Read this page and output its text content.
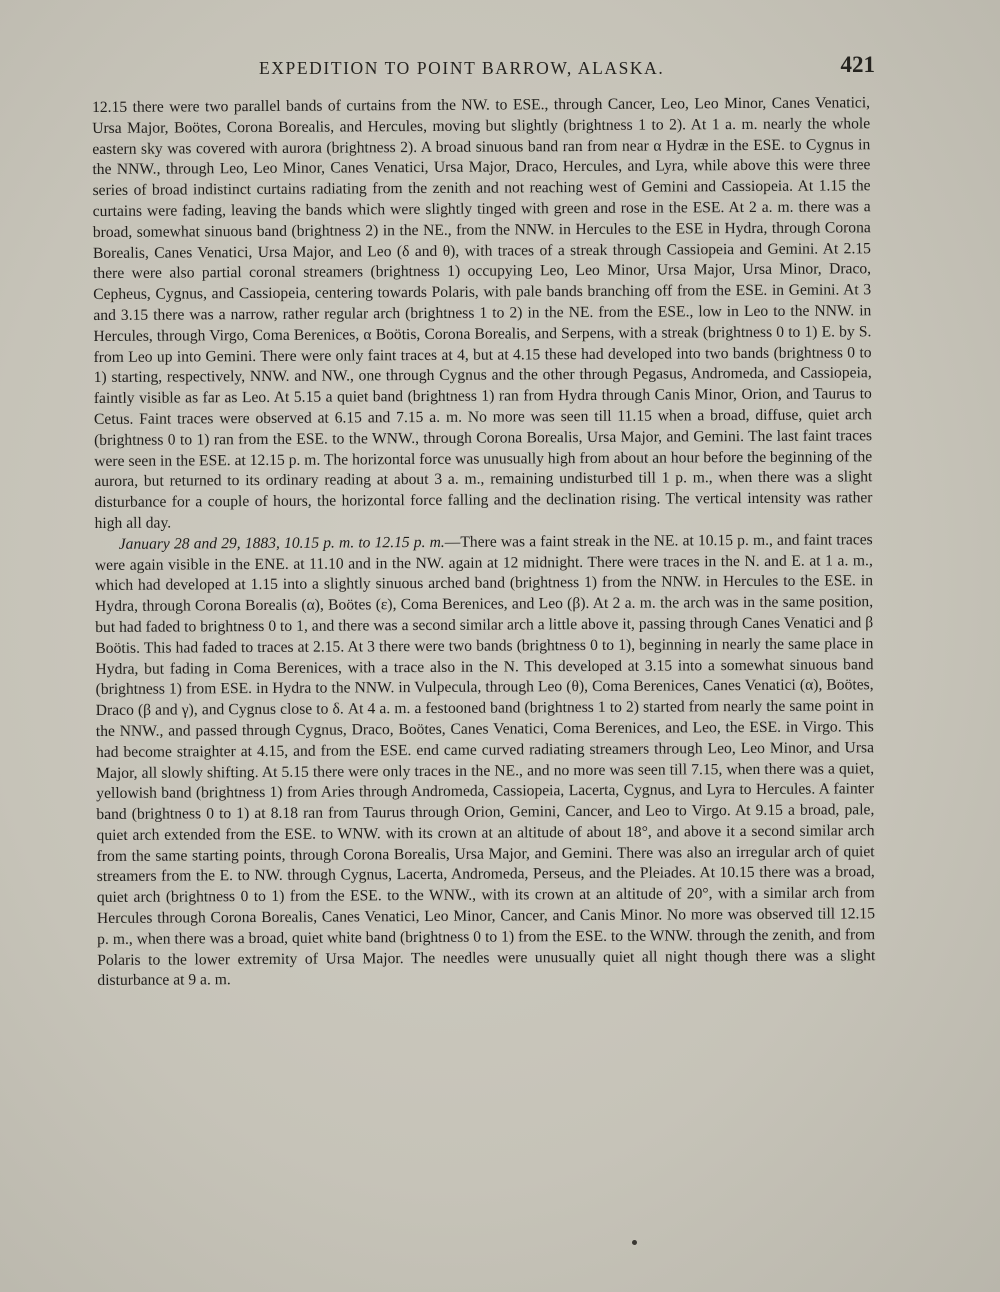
EXPEDITION TO POINT BARROW, ALASKA.	421

12.15 there were two parallel bands of curtains from the NW. to ESE., through Cancer, Leo, Leo Minor, Canes Venatici, Ursa Major, Boötes, Corona Borealis, and Hercules, moving but slightly (brightness 1 to 2). At 1 a. m. nearly the whole eastern sky was covered with aurora (brightness 2). A broad sinuous band ran from near α Hydræ in the ESE. to Cygnus in the NNW., through Leo, Leo Minor, Canes Venatici, Ursa Major, Draco, Hercules, and Lyra, while above this were three series of broad indistinct curtains radiating from the zenith and not reaching west of Gemini and Cassiopeia. At 1.15 the curtains were fading, leaving the bands which were slightly tinged with green and rose in the ESE. At 2 a. m. there was a broad, somewhat sinuous band (brightness 2) in the NE., from the NNW. in Hercules to the ESE in Hydra, through Corona Borealis, Canes Venatici, Ursa Major, and Leo (δ and θ), with traces of a streak through Cassiopeia and Gemini. At 2.15 there were also partial coronal streamers (brightness 1) occupying Leo, Leo Minor, Ursa Major, Ursa Minor, Draco, Cepheus, Cygnus, and Cassiopeia, centering towards Polaris, with pale bands branching off from the ESE. in Gemini. At 3 and 3.15 there was a narrow, rather regular arch (brightness 1 to 2) in the NE. from the ESE., low in Leo to the NNW. in Hercules, through Virgo, Coma Berenices, α Boötis, Corona Borealis, and Serpens, with a streak (brightness 0 to 1) E. by S. from Leo up into Gemini. There were only faint traces at 4, but at 4.15 these had developed into two bands (brightness 0 to 1) starting, respectively, NNW. and NW., one through Cygnus and the other through Pegasus, Andromeda, and Cassiopeia, faintly visible as far as Leo. At 5.15 a quiet band (brightness 1) ran from Hydra through Canis Minor, Orion, and Taurus to Cetus. Faint traces were observed at 6.15 and 7.15 a. m. No more was seen till 11.15 when a broad, diffuse, quiet arch (brightness 0 to 1) ran from the ESE. to the WNW., through Corona Borealis, Ursa Major, and Gemini. The last faint traces were seen in the ESE. at 12.15 p. m. The horizontal force was unusually high from about an hour before the beginning of the aurora, but returned to its ordinary reading at about 3 a. m., remaining undisturbed till 1 p. m., when there was a slight disturbance for a couple of hours, the horizontal force falling and the declination rising. The vertical intensity was rather high all day.

January 28 and 29, 1883, 10.15 p. m. to 12.15 p. m.—There was a faint streak in the NE. at 10.15 p. m., and faint traces were again visible in the ENE. at 11.10 and in the NW. again at 12 midnight. There were traces in the N. and E. at 1 a. m., which had developed at 1.15 into a slightly sinuous arched band (brightness 1) from the NNW. in Hercules to the ESE. in Hydra, through Corona Borealis (α), Boötes (ε), Coma Berenices, and Leo (β). At 2 a. m. the arch was in the same position, but had faded to brightness 0 to 1, and there was a second similar arch a little above it, passing through Canes Venatici and β Boötis. This had faded to traces at 2.15. At 3 there were two bands (brightness 0 to 1), beginning in nearly the same place in Hydra, but fading in Coma Berenices, with a trace also in the N. This developed at 3.15 into a somewhat sinuous band (brightness 1) from ESE. in Hydra to the NNW. in Vulpecula, through Leo (θ), Coma Berenices, Canes Venatici (α), Boötes, Draco (β and γ), and Cygnus close to δ. At 4 a. m. a festooned band (brightness 1 to 2) started from nearly the same point in the NNW., and passed through Cygnus, Draco, Boötes, Canes Venatici, Coma Berenices, and Leo, the ESE. in Virgo. This had become straighter at 4.15, and from the ESE. end came curved radiating streamers through Leo, Leo Minor, and Ursa Major, all slowly shifting. At 5.15 there were only traces in the NE., and no more was seen till 7.15, when there was a quiet, yellowish band (brightness 1) from Aries through Andromeda, Cassiopeia, Lacerta, Cygnus, and Lyra to Hercules. A fainter band (brightness 0 to 1) at 8.18 ran from Taurus through Orion, Gemini, Cancer, and Leo to Virgo. At 9.15 a broad, pale, quiet arch extended from the ESE. to WNW. with its crown at an altitude of about 18°, and above it a second similar arch from the same starting points, through Corona Borealis, Ursa Major, and Gemini. There was also an irregular arch of quiet streamers from the E. to NW. through Cygnus, Lacerta, Andromeda, Perseus, and the Pleiades. At 10.15 there was a broad, quiet arch (brightness 0 to 1) from the ESE. to the WNW., with its crown at an altitude of 20°, with a similar arch from Hercules through Corona Borealis, Canes Venatici, Leo Minor, Cancer, and Canis Minor. No more was observed till 12.15 p. m., when there was a broad, quiet white band (brightness 0 to 1) from the ESE. to the WNW. through the zenith, and from Polaris to the lower extremity of Ursa Major. The needles were unusually quiet all night though there was a slight disturbance at 9 a. m.
